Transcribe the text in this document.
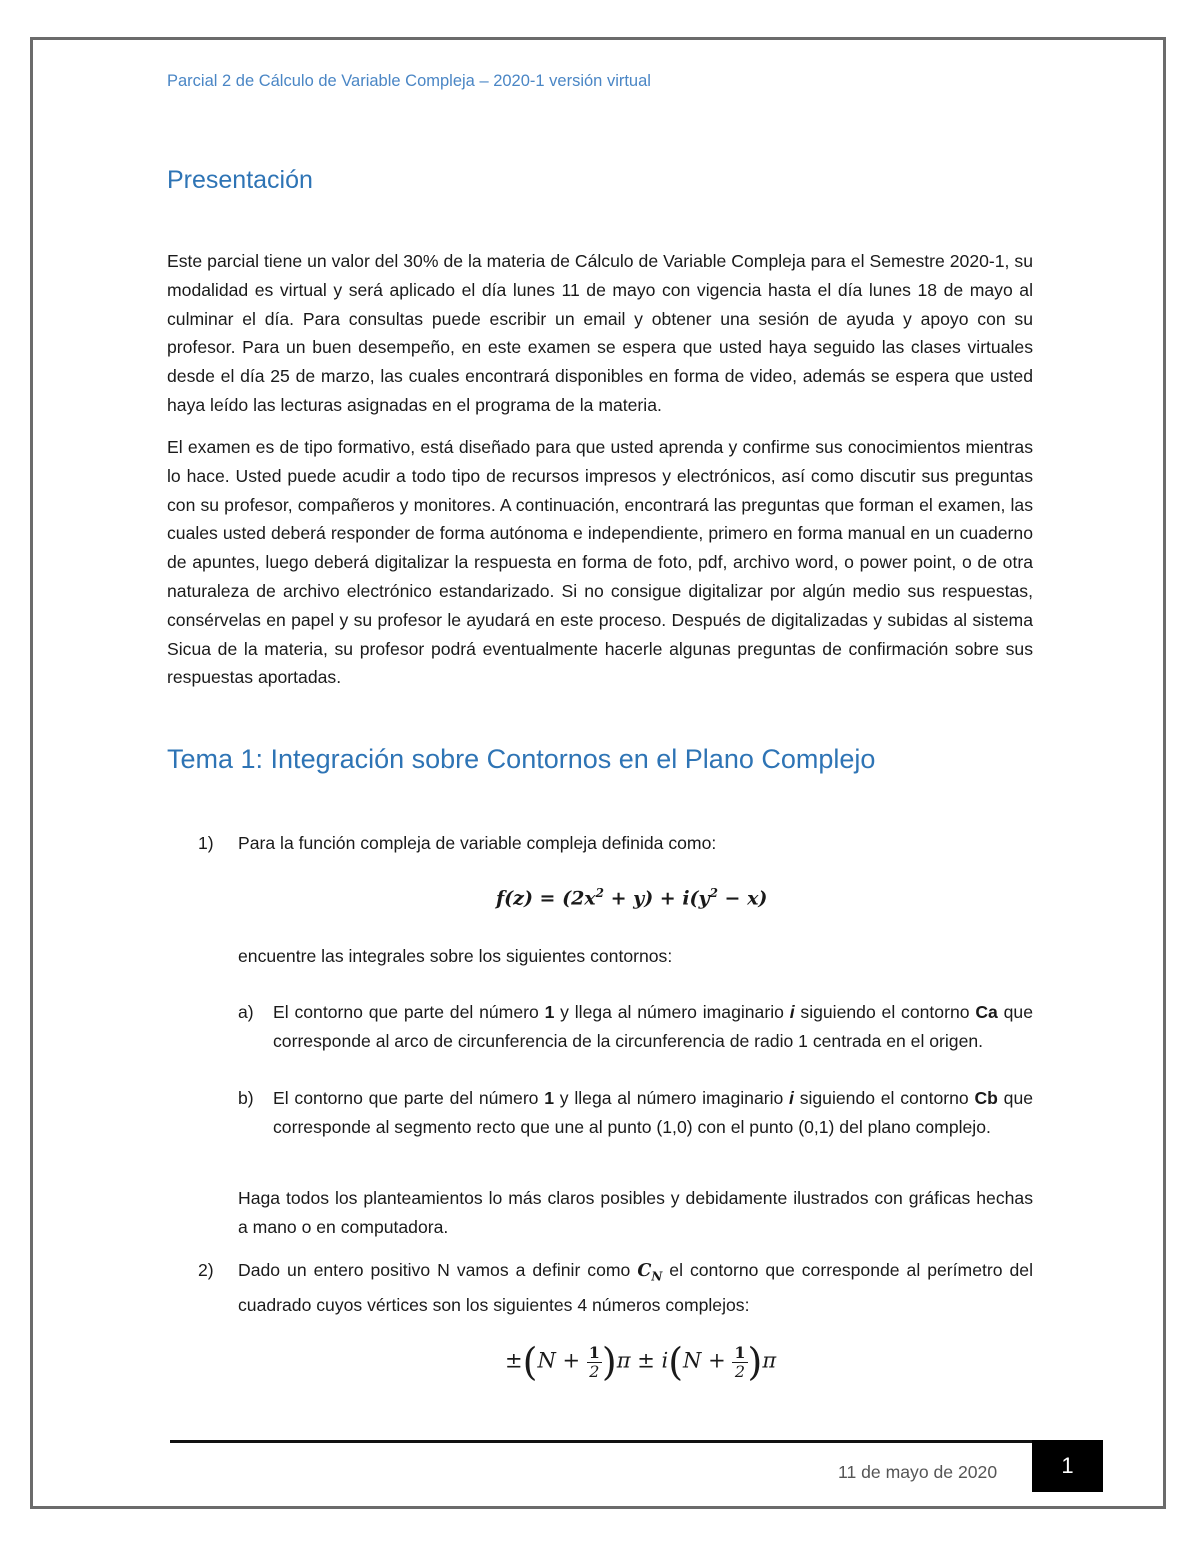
Parcial 2 de Cálculo de Variable Compleja – 2020-1 versión virtual
Presentación

Este parcial tiene un valor del 30% de la materia de Cálculo de Variable Compleja para el Semestre 2020-1, su modalidad es virtual y será aplicado el día lunes 11 de mayo con vigencia hasta el día lunes 18 de mayo al culminar el día. Para consultas puede escribir un email y obtener una sesión de ayuda y apoyo con su profesor. Para un buen desempeño, en este examen se espera que usted haya seguido las clases virtuales desde el día 25 de marzo, las cuales encontrará disponibles en forma de video, además se espera que usted haya leído las lecturas asignadas en el programa de la materia.

El examen es de tipo formativo, está diseñado para que usted aprenda y confirme sus conocimientos mientras lo hace. Usted puede acudir a todo tipo de recursos impresos y electrónicos, así como discutir sus preguntas con su profesor, compañeros y monitores. A continuación, encontrará las preguntas que forman el examen, las cuales usted deberá responder de forma autónoma e independiente, primero en forma manual en un cuaderno de apuntes, luego deberá digitalizar la respuesta en forma de foto, pdf, archivo word, o power point, o de otra naturaleza de archivo electrónico estandarizado. Si no consigue digitalizar por algún medio sus respuestas, consérvelas en papel y su profesor le ayudará en este proceso. Después de digitalizadas y subidas al sistema Sicua de la materia, su profesor podrá eventualmente hacerle algunas preguntas de confirmación sobre sus respuestas aportadas.

Tema 1: Integración sobre Contornos en el Plano Complejo
1) Para la función compleja de variable compleja definida como:

$f(z) = (2x^2 + y) + i(y^2 - x)$

encuentre las integrales sobre los siguientes contornos:

a) El contorno que parte del número 1 y llega al número imaginario i siguiendo el contorno Ca que corresponde al arco de circunferencia de la circunferencia de radio 1 centrada en el origen.

b) El contorno que parte del número 1 y llega al número imaginario i siguiendo el contorno Cb que corresponde al segmento recto que une al punto (1,0) con el punto (0,1) del plano complejo.

Haga todos los planteamientos lo más claros posibles y debidamente ilustrados con gráficas hechas a mano o en computadora.

2) Dado un entero positivo N vamos a definir como $C_N$ el contorno que corresponde al perímetro del cuadrado cuyos vértices son los siguientes 4 números complejos:

$\pm(N + \frac{1}{2} )\pi \pm i(N + \frac{1}{2} )\pi$
11 de mayo de 2020	1
